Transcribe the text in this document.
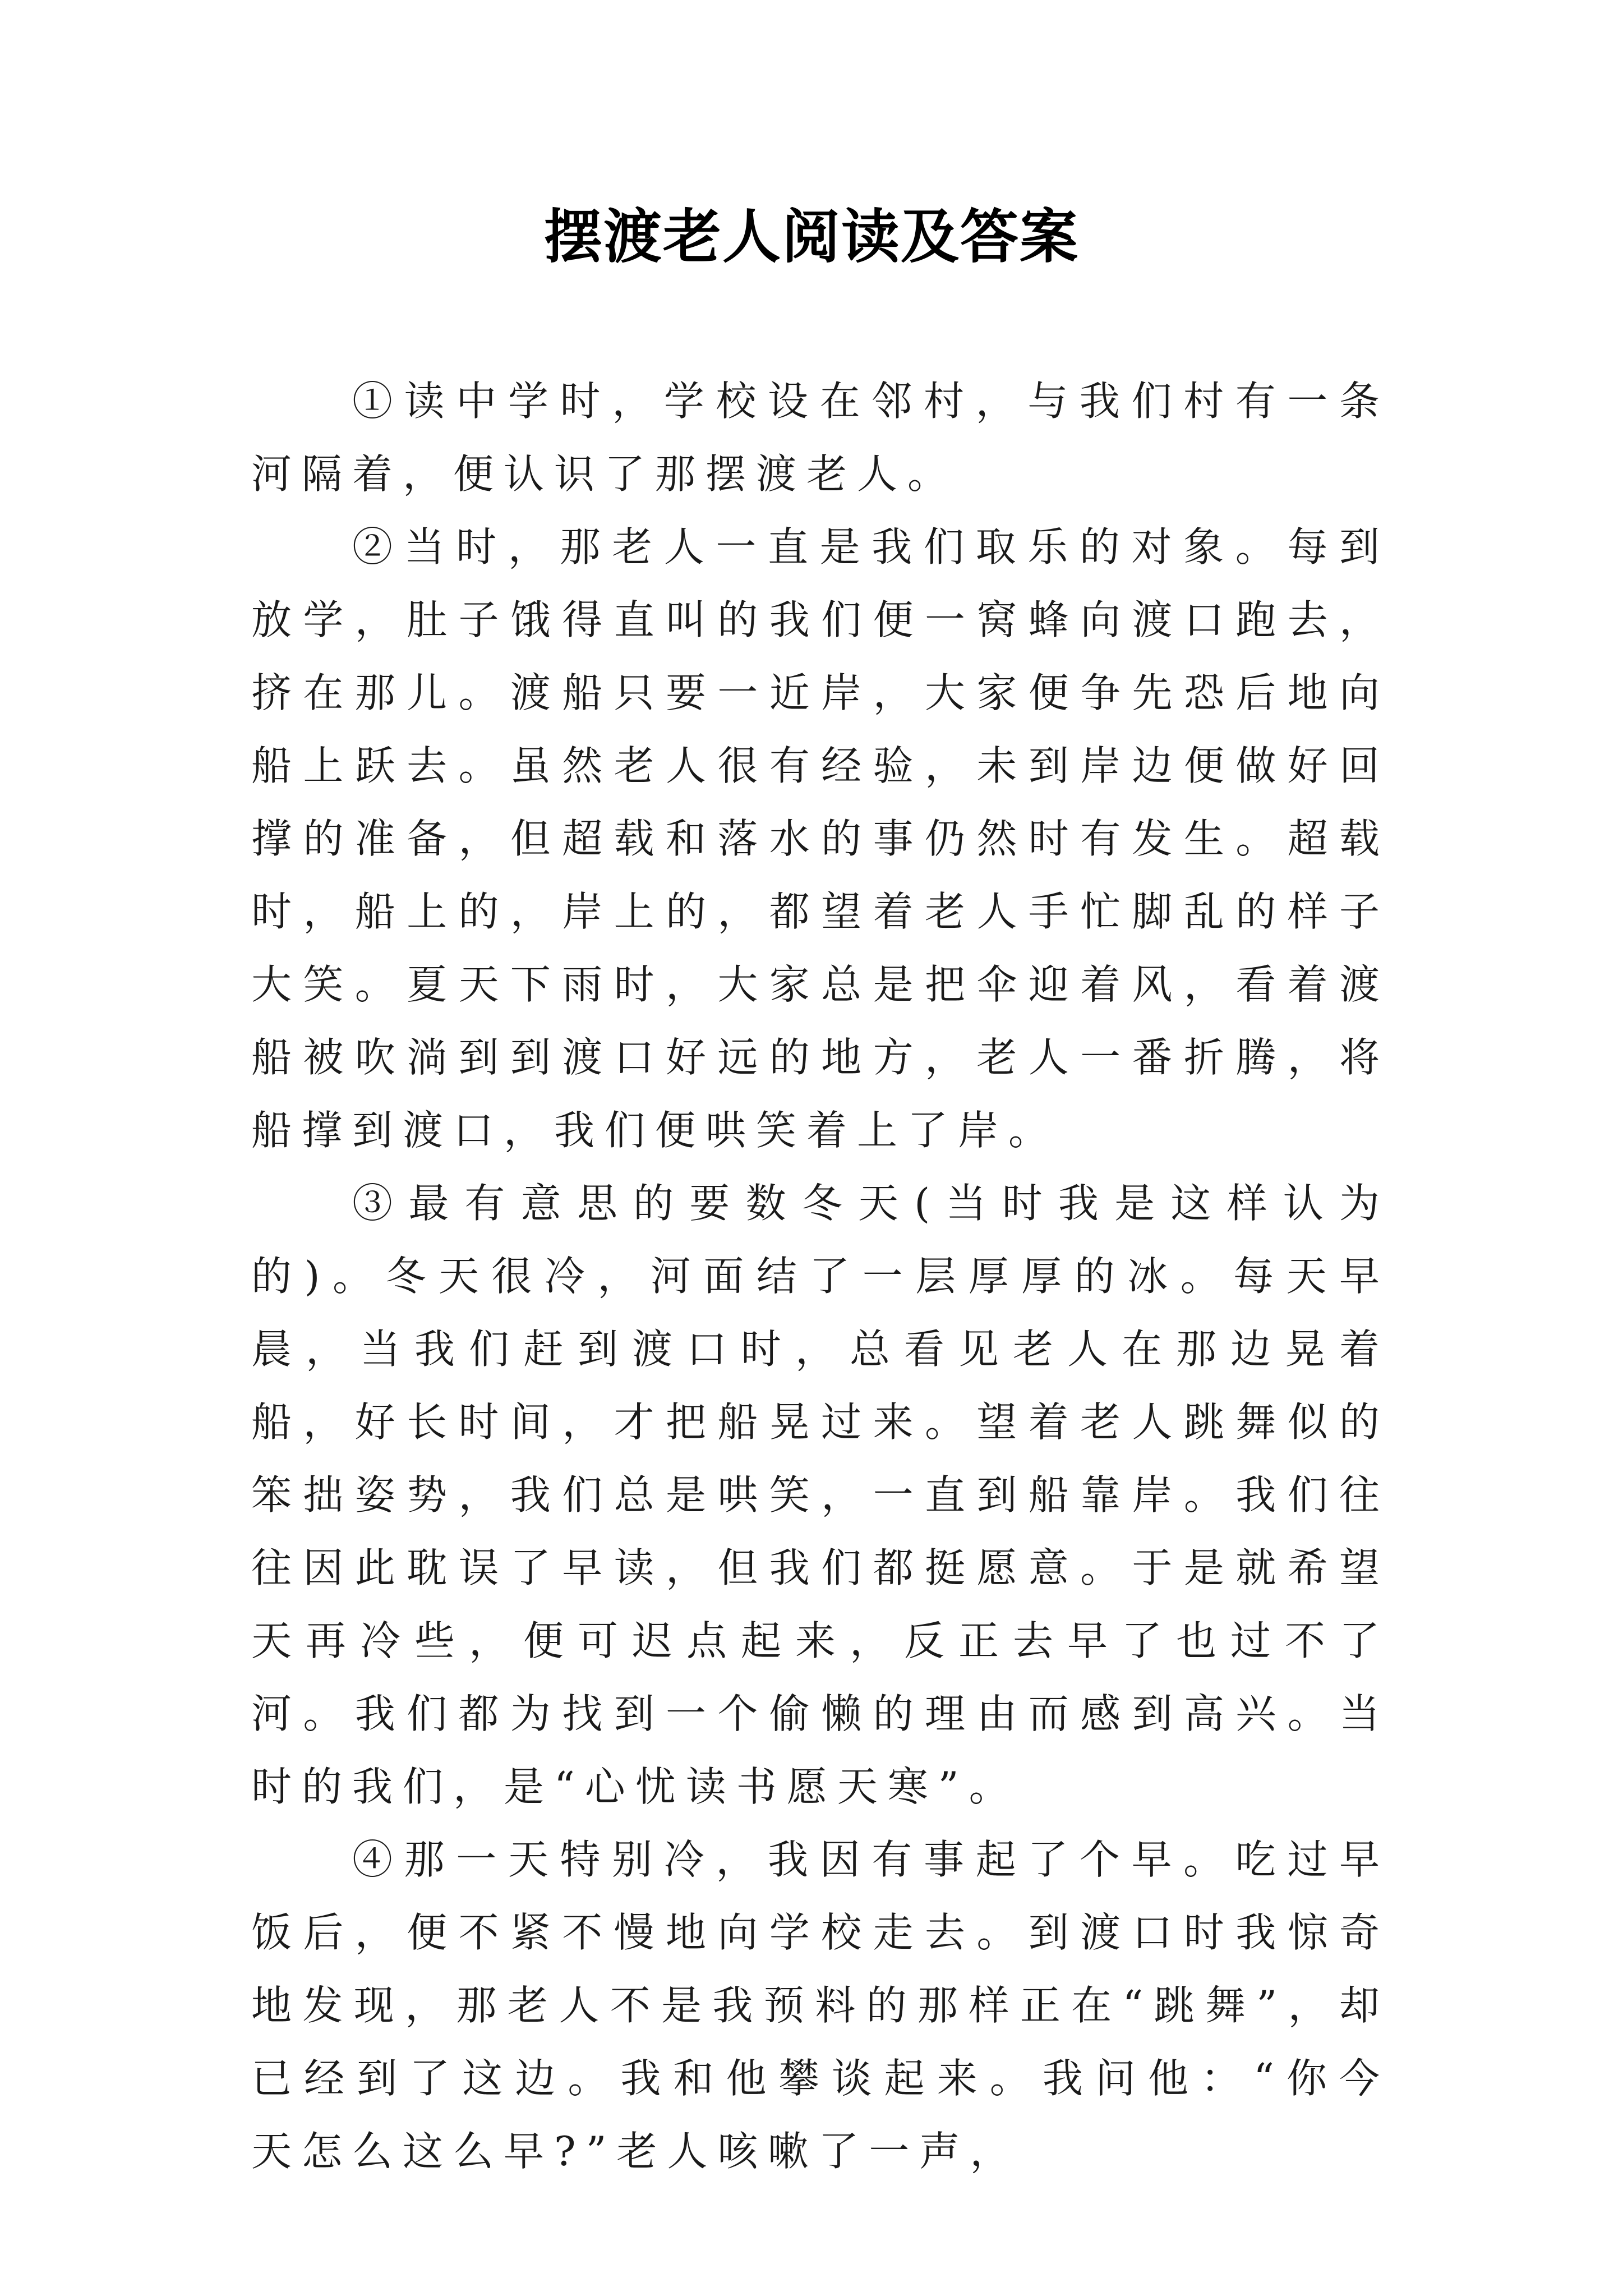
摆渡老人阅读及答案

①读中学时，学校设在邻村，与我们村有一条河隔着，便认识了那摆渡老人。

②当时，那老人一直是我们取乐的对象。每到放学，肚子饿得直叫的我们便一窝蜂向渡口跑去，挤在那儿。渡船只要一近岸，大家便争先恐后地向船上跃去。虽然老人很有经验，未到岸边便做好回撑的准备，但超载和落水的事仍然时有发生。超载时，船上的，岸上的，都望着老人手忙脚乱的样子大笑。夏天下雨时，大家总是把伞迎着风，看着渡船被吹淌到到渡口好远的地方，老人一番折腾，将船撑到渡口，我们便哄笑着上了岸。

③最有意思的要数冬天(当时我是这样认为的)。冬天很冷，河面结了一层厚厚的冰。每天早晨，当我们赶到渡口时，总看见老人在那边晃着船，好长时间，才把船晃过来。望着老人跳舞似的笨拙姿势，我们总是哄笑，一直到船靠岸。我们往往因此耽误了早读，但我们都挺愿意。于是就希望天再冷些，便可迟点起来，反正去早了也过不了河。我们都为找到一个偷懒的理由而感到高兴。当时的我们，是“心忧读书愿天寒”。

④那一天特别冷，我因有事起了个早。吃过早饭后，便不紧不慢地向学校走去。到渡口时我惊奇地发现，那老人不是我预料的那样正在“跳舞”，却已经到了这边。我和他攀谈起来。我问他：“你今天怎么这么早?”老人咳嗽了一声，
